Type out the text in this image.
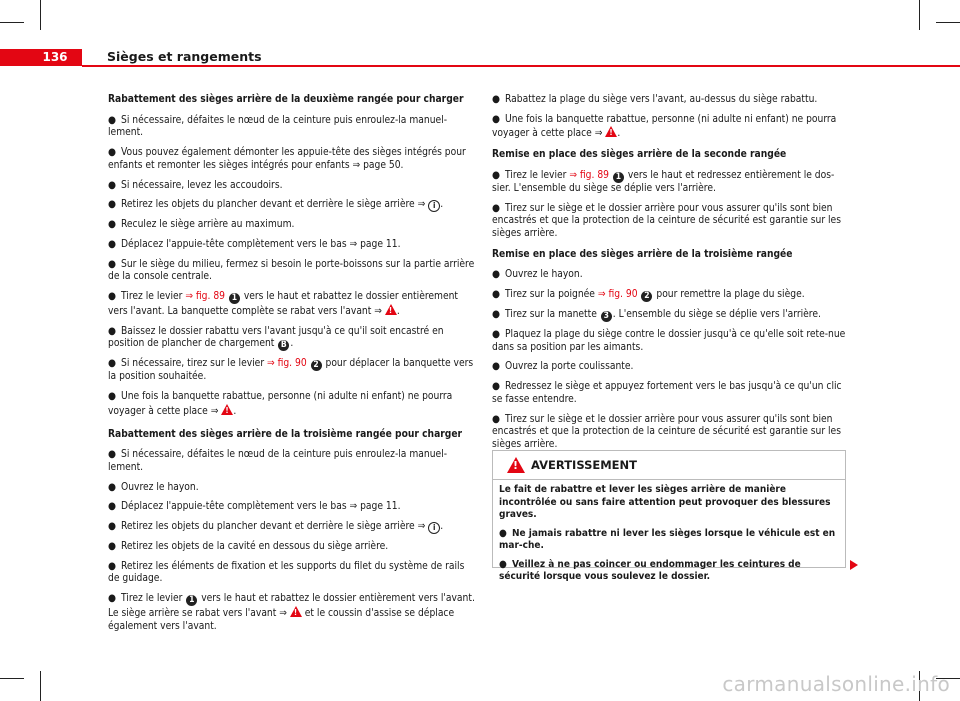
136	Sièges et rangements
Rabattement des sièges arrière de la deuxième rangée pour charger
● Si nécessaire, défaites le nœud de la ceinture puis enroulez-la manuel-lement.
● Vous pouvez également démonter les appuie-tête des sièges intégrés pour enfants et remonter les sièges intégrés pour enfants ⇒ page 50.
● Si nécessaire, levez les accoudoirs.
● Retirez les objets du plancher devant et derrière le siège arrière ⇒ i .
● Reculez le siège arrière au maximum.
● Déplacez l'appuie-tête complètement vers le bas ⇒ page 11.
● Sur le siège du milieu, fermez si besoin le porte-boissons sur la partie arrière de la console centrale.
● Tirez le levier ⇒ fig. 89 1 vers le haut et rabattez le dossier entièrement vers l'avant. La banquette complète se rabat vers l'avant ⇒ ! .
● Baissez le dossier rabattu vers l'avant jusqu'à ce qu'il soit encastré en position de plancher de chargement B .
● Si nécessaire, tirez sur le levier ⇒ fig. 90 2 pour déplacer la banquette vers la position souhaitée.
● Une fois la banquette rabattue, personne (ni adulte ni enfant) ne pourra voyager à cette place ⇒ ! .
Rabattement des sièges arrière de la troisième rangée pour charger
● Si nécessaire, défaites le nœud de la ceinture puis enroulez-la manuel-lement.
● Ouvrez le hayon.
● Déplacez l'appuie-tête complètement vers le bas ⇒ page 11.
● Retirez les objets du plancher devant et derrière le siège arrière ⇒ i .
● Retirez les objets de la cavité en dessous du siège arrière.
● Retirez les éléments de fixation et les supports du filet du système de rails de guidage.
● Tirez le levier 1 vers le haut et rabattez le dossier entièrement vers l'avant. Le siège arrière se rabat vers l'avant ⇒ ! et le coussin d'assise se déplace également vers l'avant.
● Rabattez la plage du siège vers l'avant, au-dessus du siège rabattu.
● Une fois la banquette rabattue, personne (ni adulte ni enfant) ne pourra voyager à cette place ⇒ ! .
Remise en place des sièges arrière de la seconde rangée
● Tirez le levier ⇒ fig. 89 1 vers le haut et redressez entièrement le dos-sier. L'ensemble du siège se déplie vers l'arrière.
● Tirez sur le siège et le dossier arrière pour vous assurer qu'ils sont bien encastrés et que la protection de la ceinture de sécurité est garantie sur les sièges arrière.
Remise en place des sièges arrière de la troisième rangée
● Ouvrez le hayon.
● Tirez sur la poignée ⇒ fig. 90 2 pour remettre la plage du siège.
● Tirez sur la manette 3 . L'ensemble du siège se déplie vers l'arrière.
● Plaquez la plage du siège contre le dossier jusqu'à ce qu'elle soit rete-nue dans sa position par les aimants.
● Ouvrez la porte coulissante.
● Redressez le siège et appuyez fortement vers le bas jusqu'à ce qu'un clic se fasse entendre.
● Tirez sur le siège et le dossier arrière pour vous assurer qu'ils sont bien encastrés et que la protection de la ceinture de sécurité est garantie sur les sièges arrière.
!
AVERTISSEMENT
Le fait de rabattre et lever les sièges arrière de manière incontrôlée ou sans faire attention peut provoquer des blessures graves.
● Ne jamais rabattre ni lever les sièges lorsque le véhicule est en mar-che.
● Veillez à ne pas coincer ou endommager les ceintures de sécurité lorsque vous soulevez le dossier.
carmanualsonline.info
